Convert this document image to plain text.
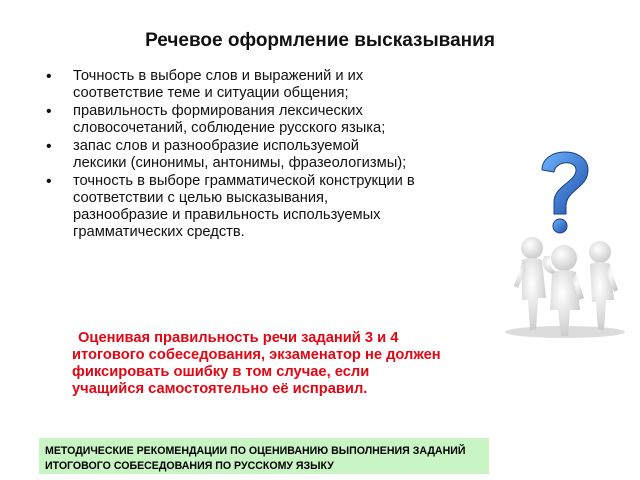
Речевое оформление высказывания
• Точность в выборе слов и выражений и их соответствие теме и ситуации общения;
• правильность формирования лексических словосочетаний, соблюдение русского языка;
• запас слов и разнообразие используемой лексики (синонимы, антонимы, фразеологизмы);
• точность в выборе грамматической конструкции в соответствии с целью высказывания, разнообразие и правильность используемых грамматических средств.
Оценивая правильность речи заданий 3 и 4 итогового собеседования, экзаменатор не должен фиксировать ошибку в том случае, если учащийся самостоятельно её исправил.
МЕТОДИЧЕСКИЕ РЕКОМЕНДАЦИИ ПО ОЦЕНИВАНИЮ ВЫПОЛНЕНИЯ ЗАДАНИЙ ИТОГОВОГО СОБЕСЕДОВАНИЯ ПО РУССКОМУ ЯЗЫКУ
